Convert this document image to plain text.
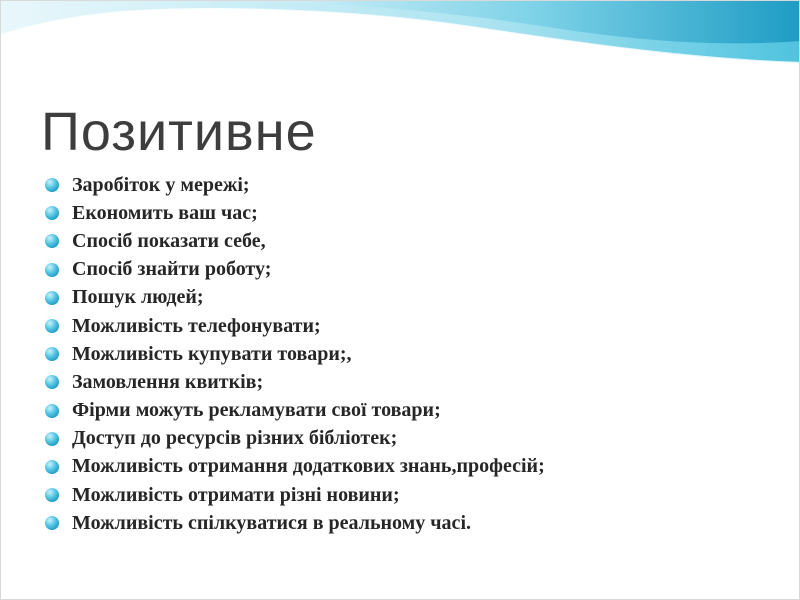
Позитивне
Заробіток у мережі;
Економить ваш час;
Спосіб показати себе,
Спосіб знайти роботу;
Пошук людей;
Можливість телефонувати;
Можливість купувати товари;,
Замовлення квитків;
Фірми можуть рекламувати свої товари;
Доступ до ресурсів різних бібліотек;
Можливість отримання додаткових знань,професій;
Можливість отримати різні новини;
Можливість спілкуватися в реальному часі.
